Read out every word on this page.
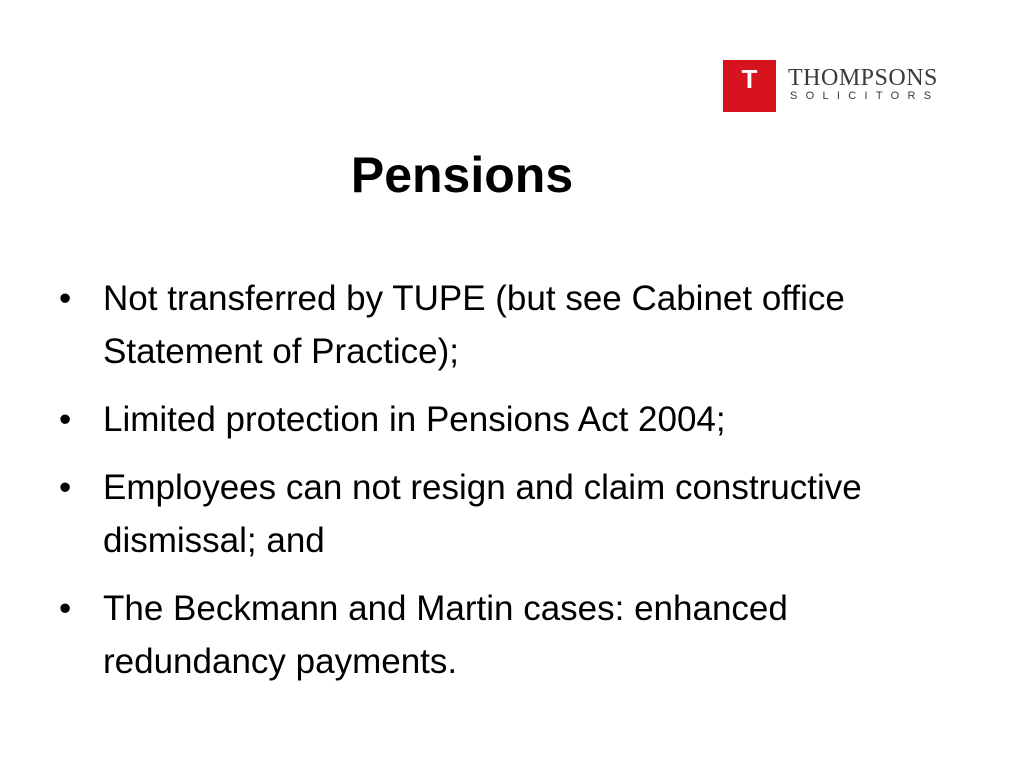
T	THOMPSONS
SOLICITORS
Pensions
• Not transferred by TUPE (but see Cabinet office Statement of Practice);
• Limited protection in Pensions Act 2004;
• Employees can not resign and claim constructive dismissal; and
• The Beckmann and Martin cases: enhanced redundancy payments.
